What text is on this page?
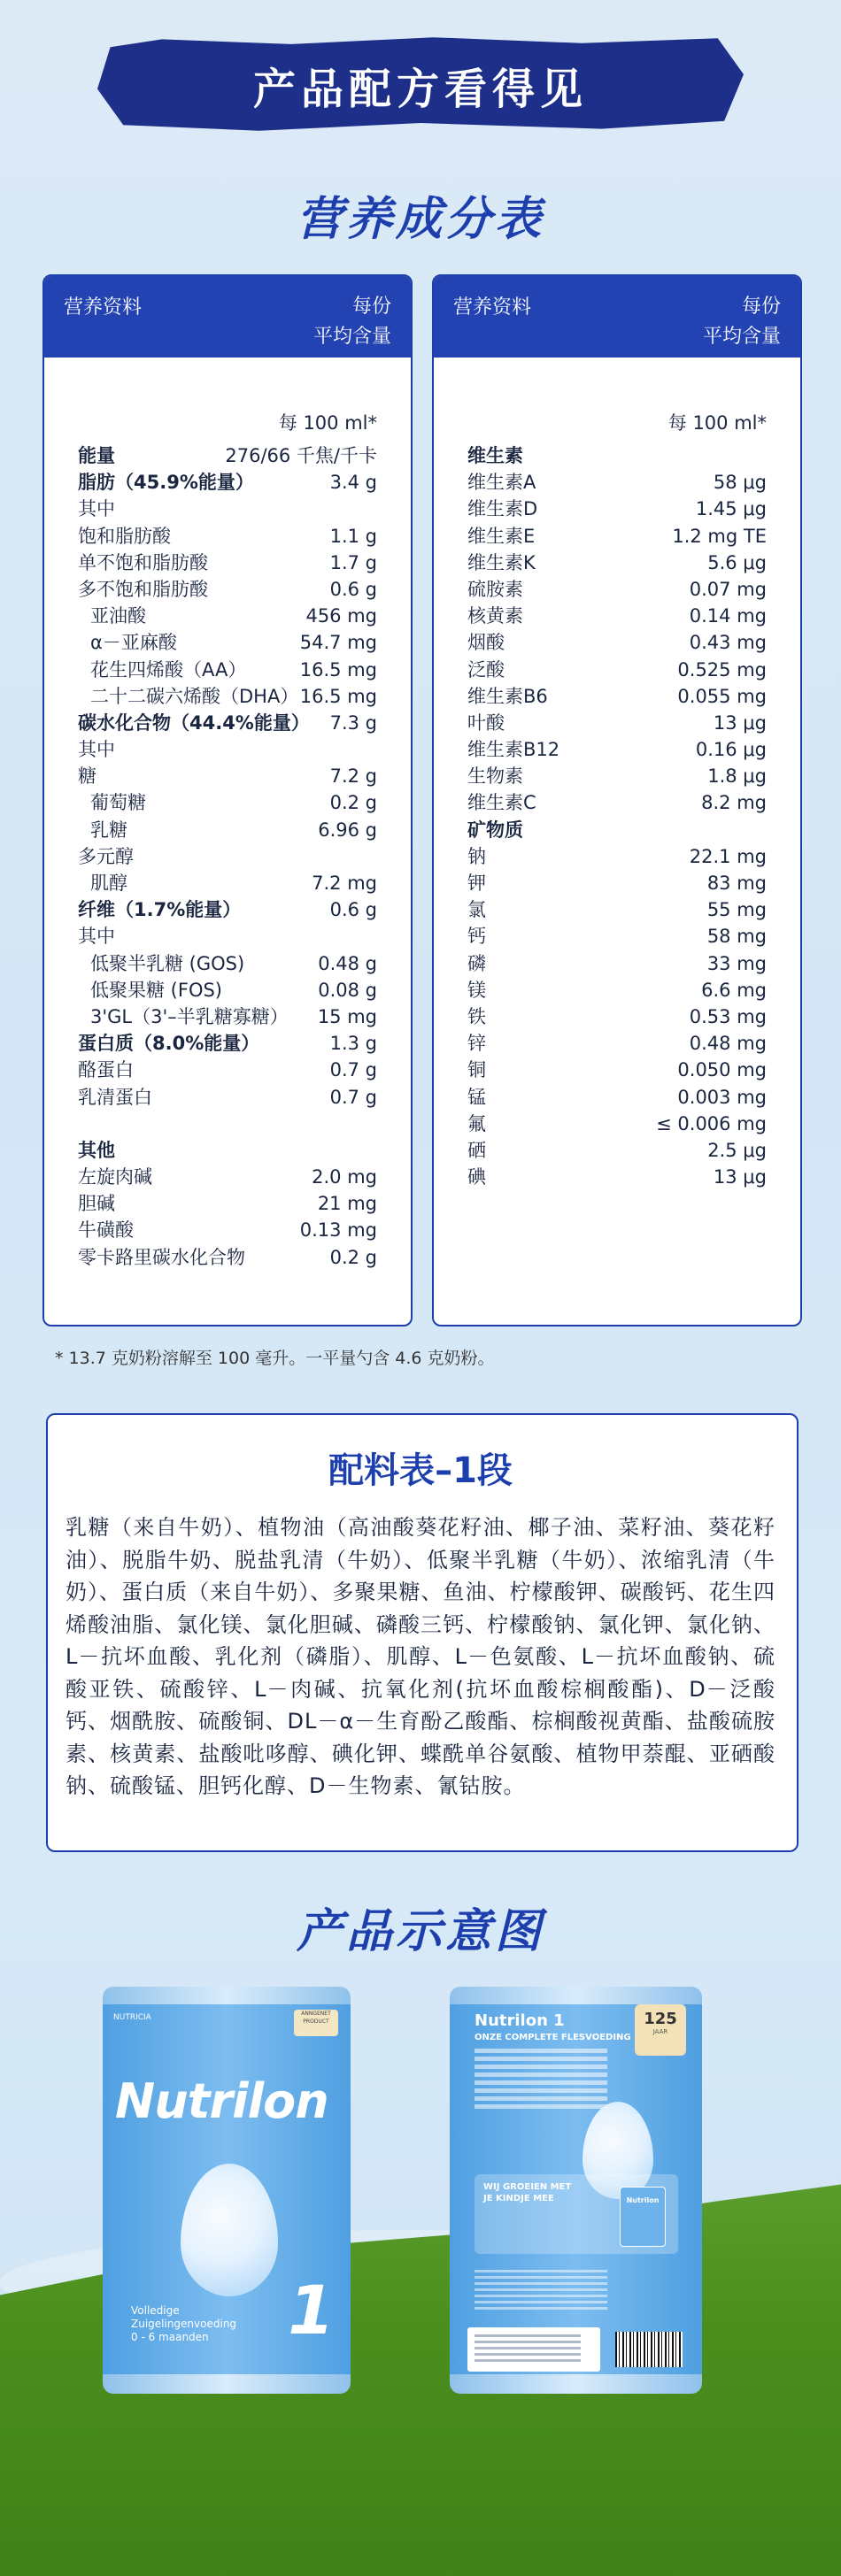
产品配方看得见
营养成分表
营养资料	每份
平均含量
每 100 ml*
能量	276/66 千焦/千卡
脂肪（45.9%能量）	3.4 g
其中
饱和脂肪酸	1.1 g
单不饱和脂肪酸	1.7 g
多不饱和脂肪酸	0.6 g
亚油酸	456 mg
α－亚麻酸	54.7 mg
花生四烯酸（AA）	16.5 mg
二十二碳六烯酸（DHA） 16.5 mg
碳水化合物（44.4%能量） 7.3 g
其中
糖	7.2 g
葡萄糖	0.2 g
乳糖	6.96 g
多元醇
肌醇	7.2 mg
纤维（1.7%能量）	0.6 g
其中
低聚半乳糖 (GOS)	0.48 g
低聚果糖 (FOS)	0.08 g
3'GL（3'–半乳糖寡糖） 15 mg
蛋白质（8.0%能量）	1.3 g
酪蛋白	0.7 g
乳清蛋白	0.7 g
其他
左旋肉碱	2.0 mg
胆碱	21 mg
牛磺酸	0.13 mg
零卡路里碳水化合物	0.2 g
营养资料	每份
平均含量
每 100 ml*
维生素
维生素A	58 μg
维生素D	1.45 μg
维生素E	1.2 mg TE
维生素K	5.6 μg
硫胺素	0.07 mg
核黄素	0.14 mg
烟酸	0.43 mg
泛酸	0.525 mg
维生素B6	0.055 mg
叶酸	13 μg
维生素B12	0.16 μg
生物素	1.8 μg
维生素C	8.2 mg
矿物质
钠	22.1 mg
钾	83 mg
氯	55 mg
钙	58 mg
磷	33 mg
镁	6.6 mg
铁	0.53 mg
锌	0.48 mg
铜	0.050 mg
锰	0.003 mg
氟	≤ 0.006 mg
硒	2.5 μg
碘	13 μg
* 13.7 克奶粉溶解至 100 毫升。一平量勺含 4.6 克奶粉。
配料表–1段
乳糖（来自牛奶）、植物油（高油酸葵花籽油、椰子油、菜籽油、葵花籽油）、脱脂牛奶、脱盐乳清（牛奶）、低聚半乳糖（牛奶）、浓缩乳清（牛奶）、蛋白质（来自牛奶）、多聚果糖、鱼油、柠檬酸钾、碳酸钙、花生四烯酸油脂、氯化镁、氯化胆碱、磷酸三钙、柠檬酸钠、氯化钾、氯化钠、L－抗坏血酸、乳化剂（磷脂）、肌醇、L－色氨酸、L－抗坏血酸钠、硫酸亚铁、硫酸锌、L－肉碱、抗氧化剂(抗坏血酸棕榈酸酯)、D－泛酸钙、烟酰胺、硫酸铜、DL－α－生育酚乙酸酯、棕榈酸视黄酯、盐酸硫胺素、核黄素、盐酸吡哆醇、碘化钾、蝶酰单谷氨酸、植物甲萘醌、亚硒酸钠、硫酸锰、胆钙化醇、D－生物素、氰钴胺。
产品示意图
NUTRICIA	ANNGENET PRODUCT
Nutrilon
Volledige
Zuigelingenvoeding
0 - 6 maanden	1
Nutrilon 1
ONZE COMPLETE FLESVOEDING
125
JAAR
WIJ GROEIEN MET
JE KINDJE MEE	Nutrilon
